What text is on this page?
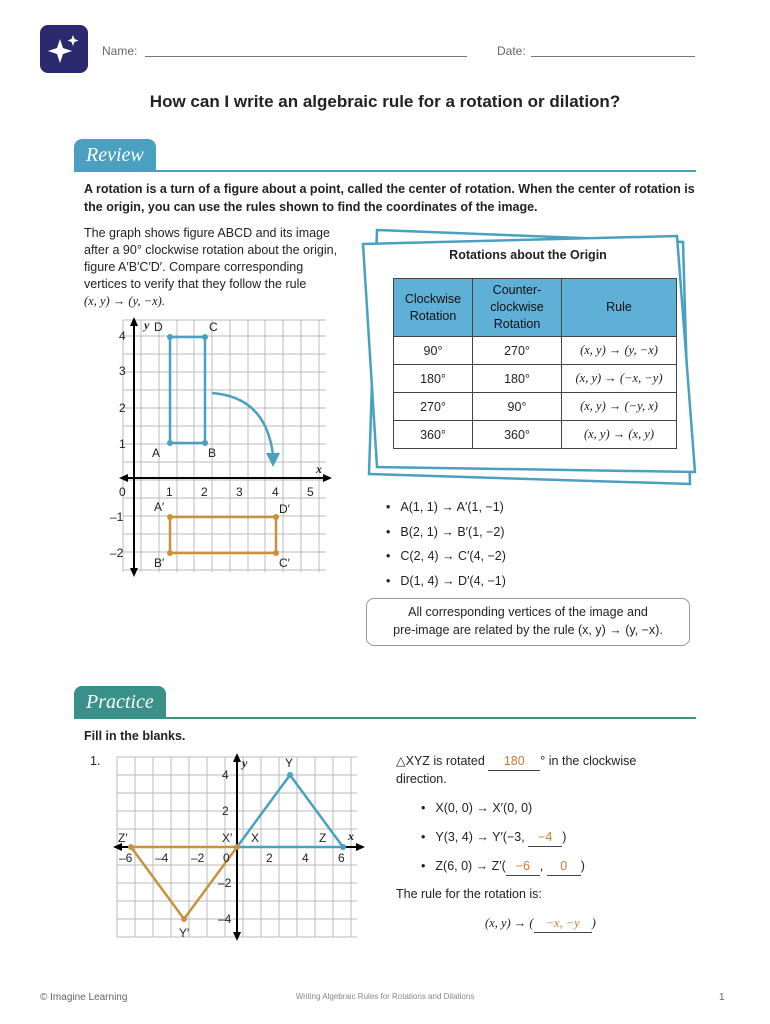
Name:	Date:
How can I write an algebraic rule for a rotation or dilation?
Review
A rotation is a turn of a figure about a point, called the center of rotation. When the center of rotation is the origin, you can use the rules shown to find the coordinates of the image.
The graph shows figure ABCD and its image
after a 90° clockwise rotation about the origin,
figure A′B′C′D′. Compare corresponding
vertices to verify that they follow the rule
(x, y) → (y, −x).
y
x
0	1 2 3 4 5
4
3
2
1
–1
–2
A	B
C
D
A′
B′	C′
D′
Rotations about the Origin
Clockwise Rotation	Counter-clockwise Rotation	Rule
90°	270°	(x, y) → (y, −x)
180°	180°	(x, y) → (−x, −y)
270°	90°	(x, y) → (−y, x)
360°	360°	(x, y) → (x, y)
• A(1, 1) → A′(1, −1)
• B(2, 1) → B′(1, −2)
• C(2, 4) → C′(4, −2)
• D(1, 4) → D′(4, −1)
All corresponding vertices of the image and
pre-image are related by the rule (x, y) → (y, −x).
Practice
Fill in the blanks.
1.	y
x
–6 –4 –2 0	2 4 6
4
2
–2
–4
Y
X′ X	Z
Z′
Y′
△XYZ is rotated 180 ° in the clockwise
direction.
• X(0, 0) → X′(0, 0)
• Y(3, 4) → Y′(−3, −4 )
• Z(6, 0) → Z′( −6 , 0 )
The rule for the rotation is:
(x, y) → ( −x, −y )
© Imagine Learning	Writing Algebraic Rules for Rotations and Dilations	1
